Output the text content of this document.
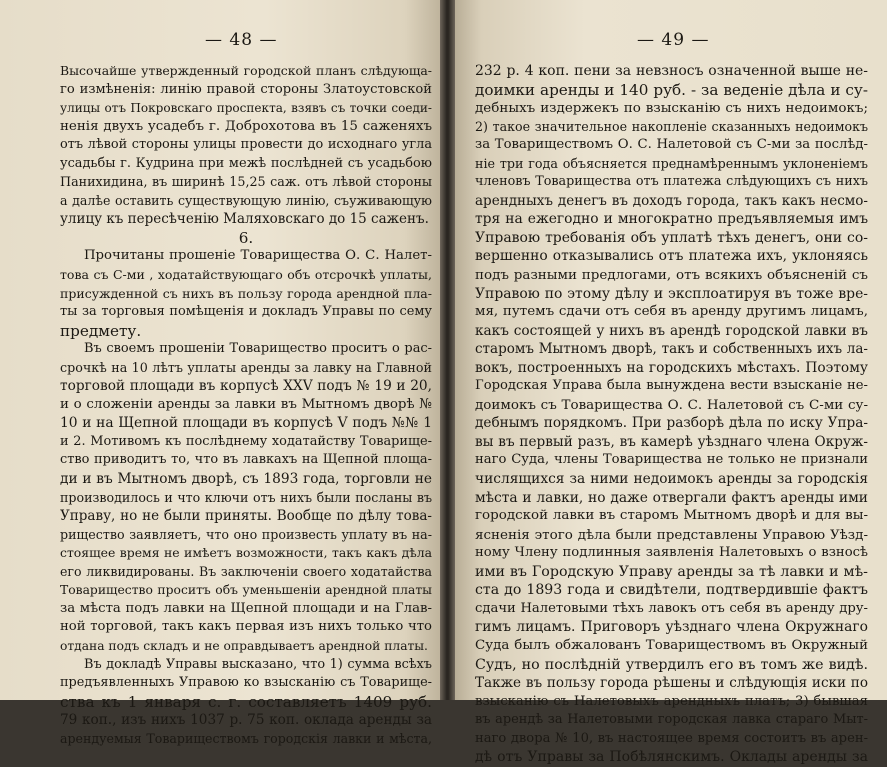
— 48 —
Высочайше утвержденный городской планъ слѣдующа-
го измѣненія: линію правой стороны Златоустовской
улицы отъ Покровскаго проспекта, взявъ съ точки соеди-
ненія двухъ усадебъ г. Доброхотова въ 15 саженяхъ
отъ лѣвой стороны улицы провести до исходнаго угла
усадьбы г. Кудрина при межѣ послѣдней съ усадьбою
Панихидина, въ ширинѣ 15,25 саж. отъ лѣвой стороны
а далѣе оставить существующую линію, съуживающую
улицу къ пересѣченію Маляховскаго до 15 саженъ.
6.
Прочитаны прошеніе Товарищества О. С. Налет-
това съ С-ми , ходатайствующаго объ отсрочкѣ уплаты,
присужденной съ нихъ въ пользу города арендной пла-
ты за торговыя помѣщенія и докладъ Управы по сему
предмету.
Въ своемъ прошеніи Товарищество проситъ о рас-
срочкѣ на 10 лѣтъ уплаты аренды за лавку на Главной
торговой площади въ корпусѣ XXV подъ № 19 и 20,
и о сложеніи аренды за лавки въ Мытномъ дворѣ №
10 и на Щепной площади въ корпусѣ V подъ №№ 1
и 2. Мотивомъ къ послѣднему ходатайству Товарище-
ство приводитъ то, что въ лавкахъ на Щепной площа-
ди и въ Мытномъ дворѣ, съ 1893 года, торговли не
производилось и что ключи отъ нихъ были посланы въ
Управу, но не были приняты. Вообще по дѣлу това-
рищество заявляетъ, что оно произвесть уплату въ на-
стоящее время не имѣетъ возможности, такъ какъ дѣла
его ликвидированы. Въ заключеніи своего ходатайства
Товарищество проситъ объ уменьшеніи арендной платы
за мѣста подъ лавки на Щепной площади и на Глав-
ной торговой, такъ какъ первая изъ нихъ только что
отдана подъ складъ и не оправдываетъ арендной платы.
Въ докладѣ Управы высказано, что 1) сумма всѣхъ
предъявленныхъ Управою ко взысканію съ Товарище-
ства къ 1 января с. г. составляетъ 1409 руб.
79 коп., изъ нихъ 1037 р. 75 коп. оклада аренды за
арендуемыя Товариществомъ городскія лавки и мѣста,
— 49 —
232 р. 4 коп. пени за невзносъ означенной выше не-
доимки аренды и 140 руб. - за веденіе дѣла и су-
дебныхъ издержекъ по взысканію съ нихъ недоимокъ;
2) такое значительное накопленіе сказанныхъ недоимокъ
за Товариществомъ О. С. Налетовой съ С-ми за послѣд-
ніе три года объясняется преднамѣреннымъ уклоненіемъ
членовъ Товарищества отъ платежа слѣдующихъ съ нихъ
арендныхъ денегъ въ доходъ города, такъ какъ несмо-
тря на ежегодно и многократно предъявляемыя имъ
Управою требованія объ уплатѣ тѣхъ денегъ, они со-
вершенно отказывались отъ платежа ихъ, уклоняясь
подъ разными предлогами, отъ всякихъ объясненій съ
Управою по этому дѣлу и эксплоатируя въ тоже вре-
мя, путемъ сдачи отъ себя въ аренду другимъ лицамъ,
какъ состоящей у нихъ въ арендѣ городской лавки въ
старомъ Мытномъ дворѣ, такъ и собственныхъ ихъ ла-
вокъ, построенныхъ на городскихъ мѣстахъ. Поэтому
Городская Управа была вынуждена вести взысканіе не-
доимокъ съ Товарищества О. С. Налетовой съ С-ми су-
дебнымъ порядкомъ. При разборѣ дѣла по иску Упра-
вы въ первый разъ, въ камерѣ уѣзднаго члена Окруж-
наго Суда, члены Товарищества не только не признали
числящихся за ними недоимокъ аренды за городскія
мѣста и лавки, но даже отвергали фактъ аренды ими
городской лавки въ старомъ Мытномъ дворѣ и для вы-
ясненія этого дѣла были представлены Управою Уѣзд-
ному Члену подлинныя заявленія Налетовыхъ о взносѣ
ими въ Городскую Управу аренды за тѣ лавки и мѣ-
ста до 1893 года и свидѣтели, подтвердившіе фактъ
сдачи Налетовыми тѣхъ лавокъ отъ себя въ аренду дру-
гимъ лицамъ. Приговоръ уѣзднаго члена Окружнаго
Суда былъ обжалованъ Товариществомъ въ Окружный
Судъ, но послѣдній утвердилъ его въ томъ же видѣ.
Также въ пользу города рѣшены и слѣдующія иски по
взысканію съ Налетовыхъ арендныхъ платъ; 3) бывшая
въ арендѣ за Налетовыми городская лавка стараго Мыт-
наго двора № 10, въ настоящее время состоитъ въ арен-
дѣ отъ Управы за Побѣлянскимъ. Оклады аренды за
